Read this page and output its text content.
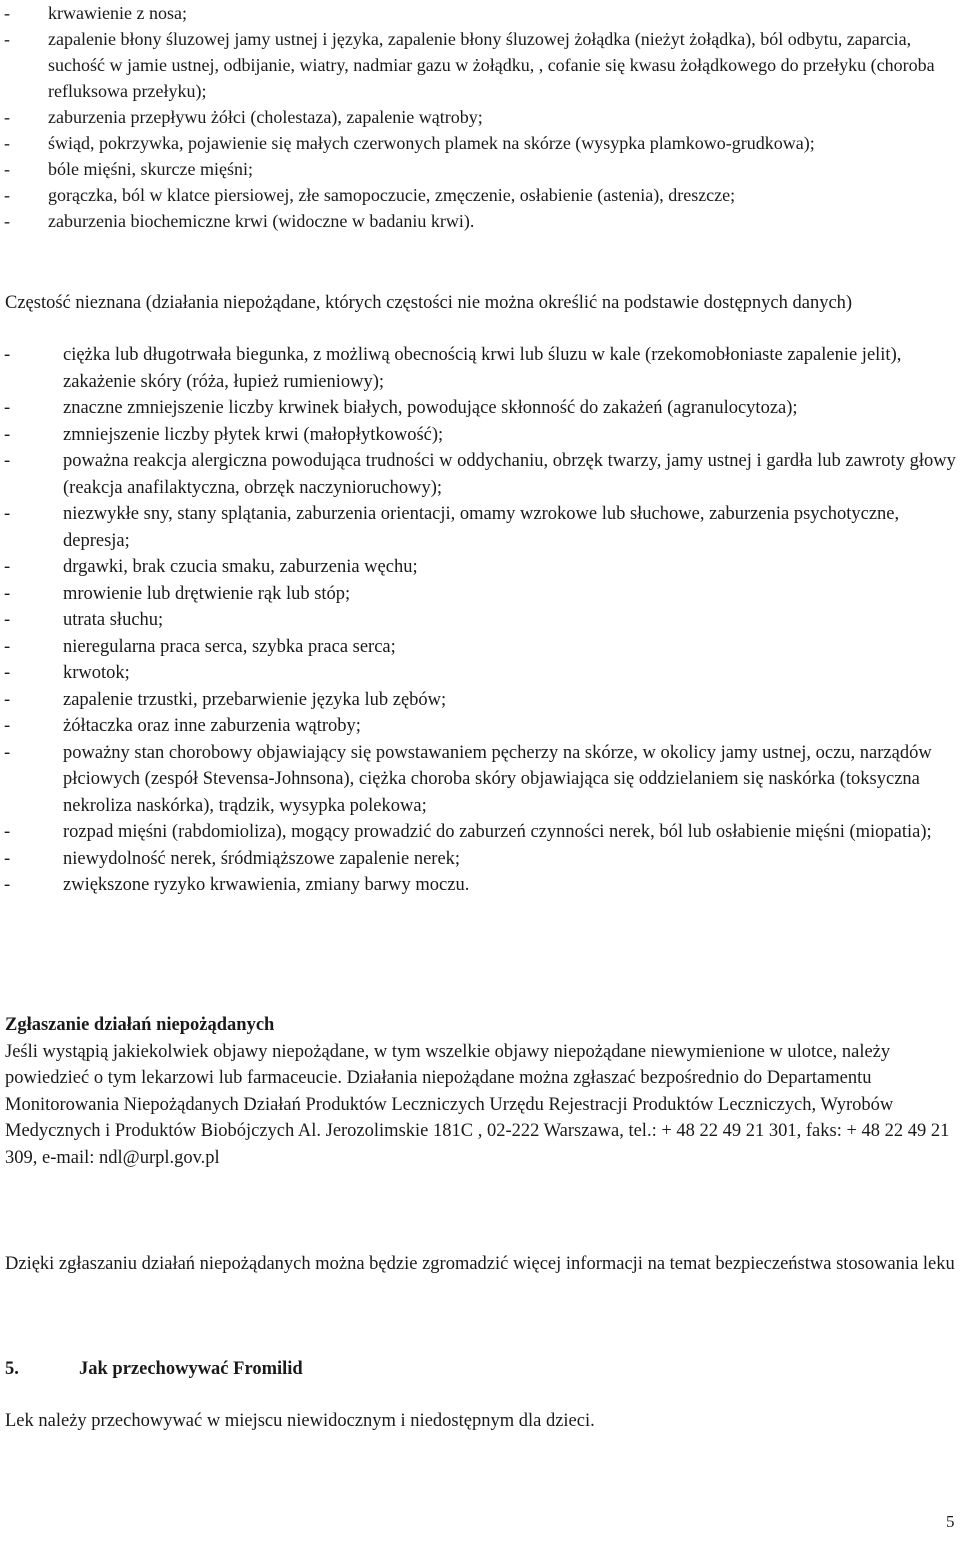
- krwawienie z nosa;
- zapalenie błony śluzowej jamy ustnej i języka, zapalenie błony śluzowej żołądka (nieżyt żołądka), ból odbytu, zaparcia, suchość w jamie ustnej, odbijanie, wiatry, nadmiar gazu w żołądku, , cofanie się kwasu żołądkowego do przełyku (choroba refluksowa przełyku);
- zaburzenia przepływu żółci (cholestaza), zapalenie wątroby;
- świąd, pokrzywka, pojawienie się małych czerwonych plamek na skórze (wysypka plamkowo-grudkowa);
- bóle mięśni, skurcze mięśni;
- gorączka, ból w klatce piersiowej, złe samopoczucie, zmęczenie, osłabienie (astenia), dreszcze;
- zaburzenia biochemiczne krwi (widoczne w badaniu krwi).

Częstość nieznana (działania niepożądane, których częstości nie można określić na podstawie dostępnych danych)

- ciężka lub długotrwała biegunka, z możliwą obecnością krwi lub śluzu w kale (rzekomobłoniaste zapalenie jelit), zakażenie skóry (róża, łupież rumieniowy);
- znaczne zmniejszenie liczby krwinek białych, powodujące skłonność do zakażeń (agranulocytoza);
- zmniejszenie liczby płytek krwi (małopłytkowość);
- poważna reakcja alergiczna powodująca trudności w oddychaniu, obrzęk twarzy, jamy ustnej i gardła lub zawroty głowy (reakcja anafilaktyczna, obrzęk naczynioruchowy);
- niezwykłe sny, stany splątania, zaburzenia orientacji, omamy wzrokowe lub słuchowe, zaburzenia psychotyczne, depresja;
- drgawki, brak czucia smaku, zaburzenia węchu;
- mrowienie lub drętwienie rąk lub stóp;
- utrata słuchu;
- nieregularna praca serca, szybka praca serca;
- krwotok;
- zapalenie trzustki, przebarwienie języka lub zębów;
- żółtaczka oraz inne zaburzenia wątroby;
- poważny stan chorobowy objawiający się powstawaniem pęcherzy na skórze, w okolicy jamy ustnej, oczu, narządów płciowych (zespół Stevensa-Johnsona), ciężka choroba skóry objawiająca się oddzielaniem się naskórka (toksyczna nekroliza naskórka), trądzik, wysypka polekowa;
- rozpad mięśni (rabdomioliza), mogący prowadzić do zaburzeń czynności nerek, ból lub osłabienie mięśni (miopatia);
- niewydolność nerek, śródmiąższowe zapalenie nerek;
- zwiększone ryzyko krwawienia, zmiany barwy moczu.
Zgłaszanie działań niepożądanych
Jeśli wystąpią jakiekolwiek objawy niepożądane, w tym wszelkie objawy niepożądane niewymienione w ulotce, należy powiedzieć o tym lekarzowi lub farmaceucie. Działania niepożądane można zgłaszać bezpośrednio do Departamentu Monitorowania Niepożądanych Działań Produktów Leczniczych Urzędu Rejestracji Produktów Leczniczych, Wyrobów Medycznych i Produktów Biobójczych Al. Jerozolimskie 181C , 02-222 Warszawa, tel.: + 48 22 49 21 301, faks: + 48 22 49 21 309, e-mail: ndl@urpl.gov.pl

Dzięki zgłaszaniu działań niepożądanych można będzie zgromadzić więcej informacji na temat bezpieczeństwa stosowania leku

5.	Jak przechowywać Fromilid

Lek należy przechowywać w miejscu niewidocznym i niedostępnym dla dzieci.

5
